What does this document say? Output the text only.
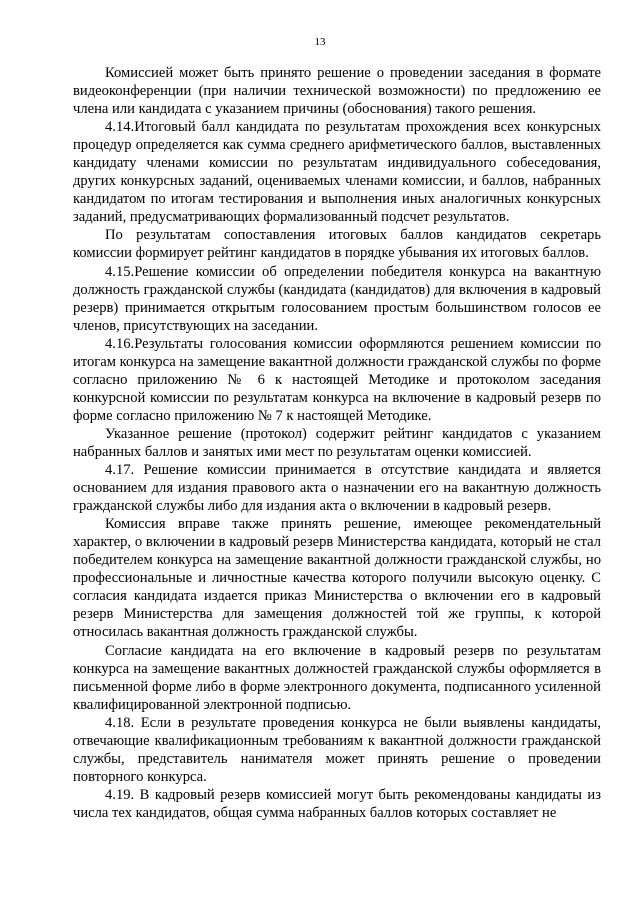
13

Комиссией может быть принято решение о проведении заседания в формате видеоконференции (при наличии технической возможности) по предложению ее члена или кандидата с указанием причины (обоснования) такого решения.

4.14.Итоговый балл кандидата по результатам прохождения всех конкурсных процедур определяется как сумма среднего арифметического баллов, выставленных кандидату членами комиссии по результатам индивидуального собеседования, других конкурсных заданий, оцениваемых членами комиссии, и баллов, набранных кандидатом по итогам тестирования и выполнения иных аналогичных конкурсных заданий, предусматривающих формализованный подсчет результатов.

По результатам сопоставления итоговых баллов кандидатов секретарь комиссии формирует рейтинг кандидатов в порядке убывания их итоговых баллов.

4.15.Решение комиссии об определении победителя конкурса на вакантную должность гражданской службы (кандидата (кандидатов) для включения в кадровый резерв) принимается открытым голосованием простым большинством голосов ее членов, присутствующих на заседании.

4.16.Результаты голосования комиссии оформляются решением комиссии по итогам конкурса на замещение вакантной должности гражданской службы по форме согласно приложению № 6 к настоящей Методике и протоколом заседания конкурсной комиссии по результатам конкурса на включение в кадровый резерв по форме согласно приложению № 7 к настоящей Методике.

Указанное решение (протокол) содержит рейтинг кандидатов с указанием набранных баллов и занятых ими мест по результатам оценки комиссией.

4.17. Решение комиссии принимается в отсутствие кандидата и является основанием для издания правового акта о назначении его на вакантную должность гражданской службы либо для издания акта о включении в кадровый резерв.

Комиссия вправе также принять решение, имеющее рекомендательный характер, о включении в кадровый резерв Министерства кандидата, который не стал победителем конкурса на замещение вакантной должности гражданской службы, но профессиональные и личностные качества которого получили высокую оценку. С согласия кандидата издается приказ Министерства о включении его в кадровый резерв Министерства для замещения должностей той же группы, к которой относилась вакантная должность гражданской службы.

Согласие кандидата на его включение в кадровый резерв по результатам конкурса на замещение вакантных должностей гражданской службы оформляется в письменной форме либо в форме электронного документа, подписанного усиленной квалифицированной электронной подписью.

4.18. Если в результате проведения конкурса не были выявлены кандидаты, отвечающие квалификационным требованиям к вакантной должности гражданской службы, представитель нанимателя может принять решение о проведении повторного конкурса.

4.19. В кадровый резерв комиссией могут быть рекомендованы кандидаты из числа тех кандидатов, общая сумма набранных баллов которых составляет не
